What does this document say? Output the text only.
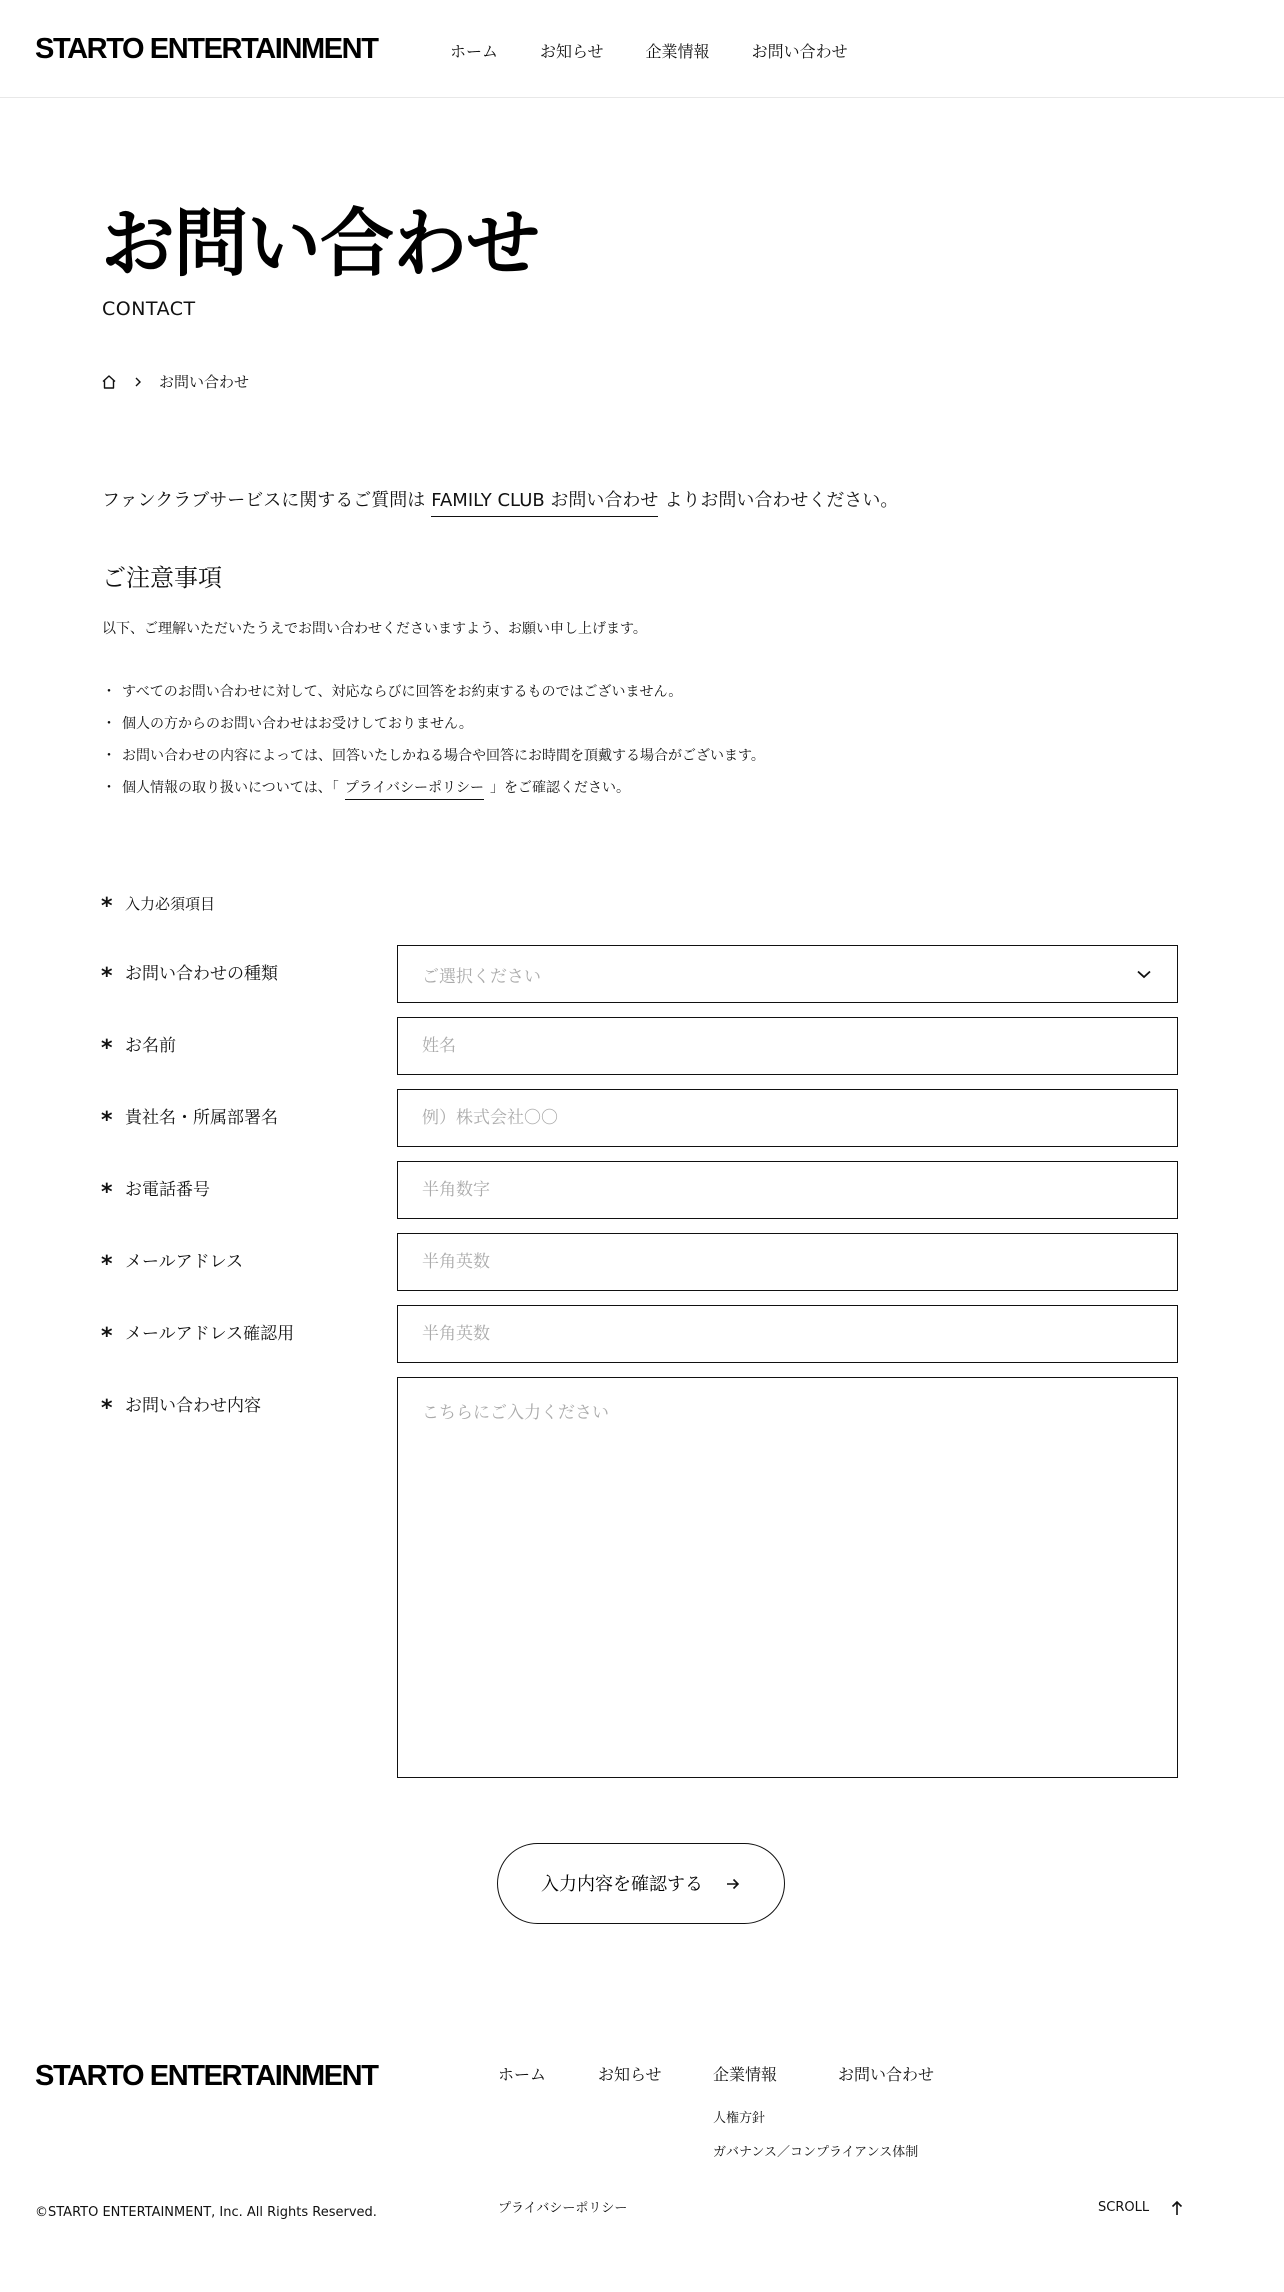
STARTO ENTERTAINMENT	ホーム	お知らせ	企業情報	お問い合わせ
お問い合わせ
CONTACT
お問い合わせ

ファンクラブサービスに関するご質問は FAMILY CLUB お問い合わせ よりお問い合わせください。

ご注意事項

以下、ご理解いただいたうえでお問い合わせくださいますよう、お願い申し上げます。

・ すべてのお問い合わせに対して、対応ならびに回答をお約束するものではございません。
・ 個人の方からのお問い合わせはお受けしておりません。
・ お問い合わせの内容によっては、回答いたしかねる場合や回答にお時間を頂戴する場合がございます。
・ 個人情報の取り扱いについては、「 プライバシーポリシー 」をご確認ください。
* 入力必須項目
* お問い合わせの種類	ご選択ください
* お名前
姓名
* 貴社名・所属部署名
例）株式会社〇〇
* お電話番号
半角数字
* メールアドレス
半角英数
* メールアドレス確認用
半角英数
* お問い合わせ内容
こちらにご入力ください
入力内容を確認する
STARTO ENTERTAINMENT	ホーム	お知らせ	企業情報	お問い合わせ
人権方針
ガバナンス／コンプライアンス体制
©STARTO ENTERTAINMENT, Inc. All Rights Reserved.	プライバシーポリシー	SCROLL
